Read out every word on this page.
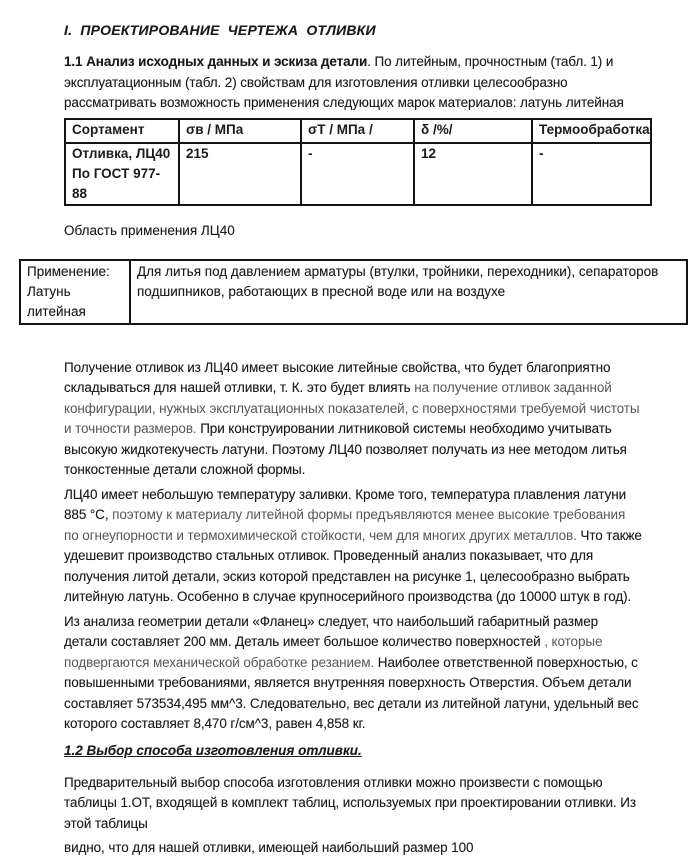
I.  ПРОЕКТИРОВАНИЕ  ЧЕРТЕЖА  ОТЛИВКИ

1.1 Анализ исходных данных и эскиза детали. По литейным, прочностным (табл. 1) и эксплуатационным (табл. 2) свойствам для изготовления отливки целесообразно рассматривать возможность применения следующих марок материалов: латунь литейная

Сортамент	σв / МПа	σТ / МПа /	δ /%/	Термообработка

Отливка, ЛЦ40
По ГОСТ 977-88	215	-	12	-
Область применения ЛЦ40
Применение:
Латунь
литейная
	Для литья под давлением арматуры (втулки, тройники, переходники), сепараторов подшипников, работающих в пресной воде или на воздухе

Получение отливок из ЛЦ40 имеет высокие литейные свойства, что будет благоприятно складываться для нашей отливки, т. К. это будет влиять на получение отливок заданной конфигурации, нужных эксплуатационных показателей, с поверхностями требуемой чистоты и точности размеров. При конструировании литниковой системы необходимо учитывать высокую жидкотекучесть латуни. Поэтому ЛЦ40 позволяет получать из нее методом литья тонкостенные детали сложной формы.

ЛЦ40 имеет небольшую температуру заливки. Кроме того, температура плавления латуни 885 °С, поэтому к материалу литейной формы предъявляются менее высокие требования по огнеупорности и термохимической стойкости, чем для многих других металлов. Что также удешевит производство стальных отливок. Проведенный анализ показывает, что для получения литой детали, эскиз которой представлен на рисунке 1, целесообразно выбрать литейную латунь. Особенно в случае крупносерийного производства (до 10000 штук в год).

Из анализа геометрии детали «Фланец» следует, что наибольший габаритный размер детали составляет 200 мм. Деталь имеет большое количество поверхностей , которые подвергаются механической обработке резанием. Наиболее ответственной поверхностью, с повышенными требованиями, является внутренняя поверхность Отверстия. Объем детали составляет 573534,495 мм^3. Следовательно, вес детали из литейной латуни, удельный вес которого составляет 8,470 г/см^3, равен 4,858 кг.

1.2 Выбор способа изготовления отливки.

Предварительный выбор способа изготовления отливки можно произвести с помощью таблицы 1.ОТ, входящей в комплект таблиц, используемых при проектировании отливки. Из этой таблицы

видно, что для нашей отливки, имеющей наибольший размер 100
